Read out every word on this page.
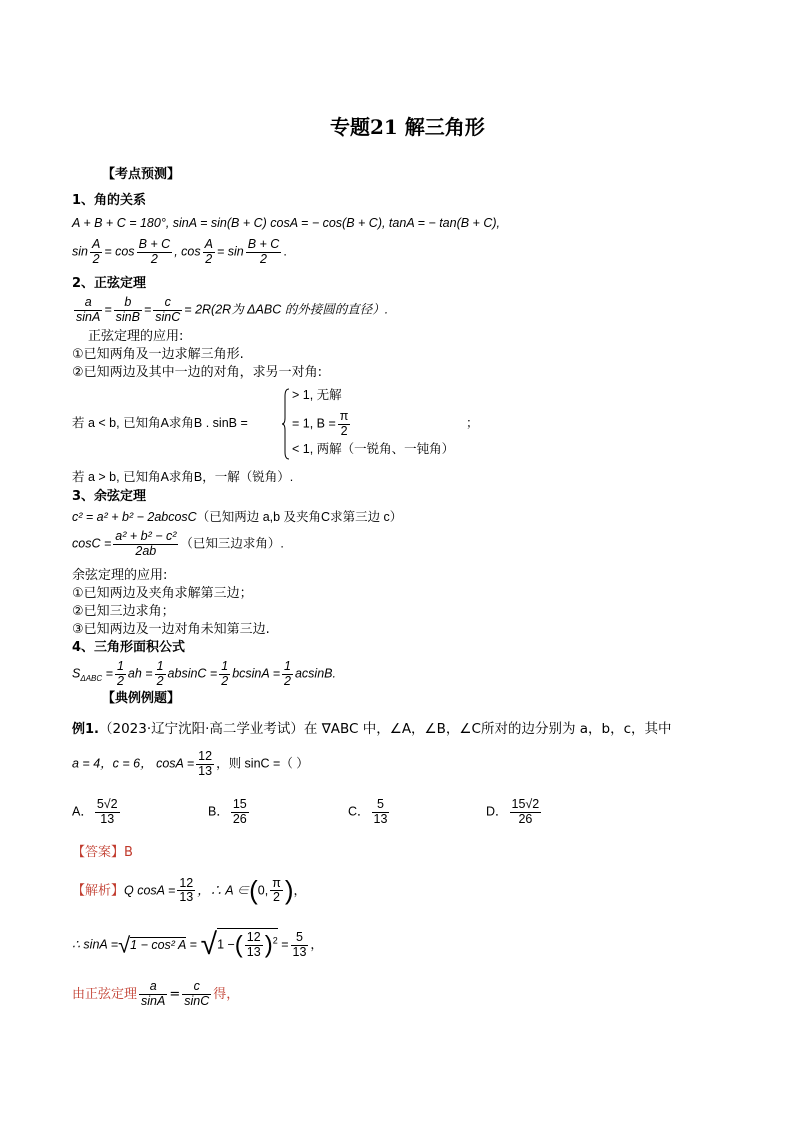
专题21 解三角形
【考点预测】
1、角的关系
A + B + C = 180°, sinA = sin(B + C) cosA = − cos(B + C), tanA = − tan(B + C),
$\sin \frac{A}{2} = \cos \frac{B + C}{2}$ , $\cos \frac{A}{2} = \sin \frac{B + C}{2}$ .
2、正弦定理
$\frac{a}{\sin A} = \frac{b}{\sin B} = \frac{c}{\sin C} = 2R(2R$为 ΔABC 的外接圆的直径）.
正弦定理的应用:
①已知两角及一边求解三角形.
②已知两边及其中一边的对角，求另一对角:
若 a < b, 已知角A求角B . sinB =
> 1, 无解
= 1, $B = \frac{\pi}{2}$	；
< 1, 两解（一锐角、一钝角）
若 a > b, 已知角A求角B，一解（锐角）.
3、余弦定理
c² = a² + b² − 2abcosC（已知两边 a,b 及夹角C求第三边 c）
$\cos C = \frac{\text{a² + b² − c²}}{2ab}$ （已知三边求角）.
余弦定理的应用:
①已知两边及夹角求解第三边；
②已知三边求角；
③已知两边及一边对角未知第三边.
4、三角形面积公式
$S_{\Delta ABC} = \frac{1}{2}$ ah = $\frac{1}{2}$ $absinC = \frac{1}{2}$ $bcsinA = \frac{1}{2} acsinB$.
【典例例题】
例1.（2023·辽宁沈阳·高二学业考试）在 ∇ABC 中，∠A，∠B，∠C所对的边分别为 a，b，c，其中
a = 4，c = 6， $\cos A = \frac{12}{13}$ ，则 sinC =（ ）
A． $\frac{5√2}{13}$	B． $\frac{15}{26}$	C． $\frac{5}{13}$	D． $\frac{15√2}{26}$
【答案】B
【解析】Q $\cos A = \frac{12}{13}$ ，∴ A ∈(0, $\frac{\pi}{2}$ )，
∴ sinA =√1 − cos² A = √1 −( $\frac{12}{13} )^2 = \frac{5}{13}$ ，
由正弦定理 $\frac{a}{\sin A} = \frac{c}{\sin C}$ 得，
